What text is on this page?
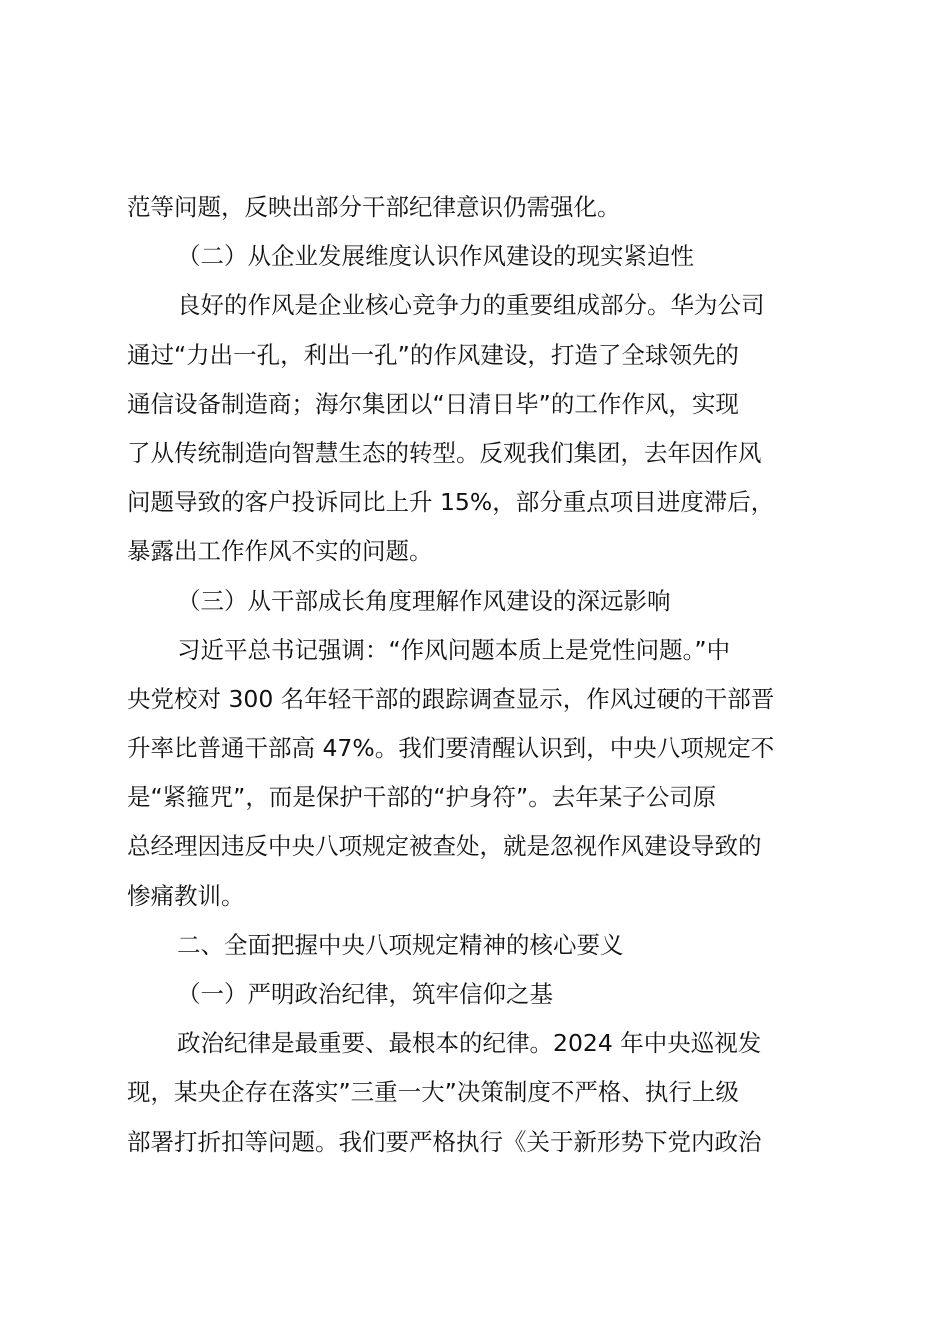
范等问题，反映出部分干部纪律意识仍需强化。
（二）从企业发展维度认识作风建设的现实紧迫性
良好的作风是企业核心竞争力的重要组成部分。华为公司
通过“力出一孔，利出一孔”的作风建设，打造了全球领先的
通信设备制造商；海尔集团以“日清日毕”的工作作风，实现
了从传统制造向智慧生态的转型。反观我们集团，去年因作风
问题导致的客户投诉同比上升 15%，部分重点项目进度滞后，
暴露出工作作风不实的问题。
（三）从干部成长角度理解作风建设的深远影响
习近平总书记强调：“作风问题本质上是党性问题。”中
央党校对 300 名年轻干部的跟踪调查显示，作风过硬的干部晋
升率比普通干部高 47%。我们要清醒认识到，中央八项规定不
是“紧箍咒”，而是保护干部的“护身符”。去年某子公司原
总经理因违反中央八项规定被查处，就是忽视作风建设导致的
惨痛教训。
二、全面把握中央八项规定精神的核心要义
（一）严明政治纪律，筑牢信仰之基
政治纪律是最重要、最根本的纪律。2024 年中央巡视发
现，某央企存在落实”三重一大”决策制度不严格、执行上级
部署打折扣等问题。我们要严格执行《关于新形势下党内政治
